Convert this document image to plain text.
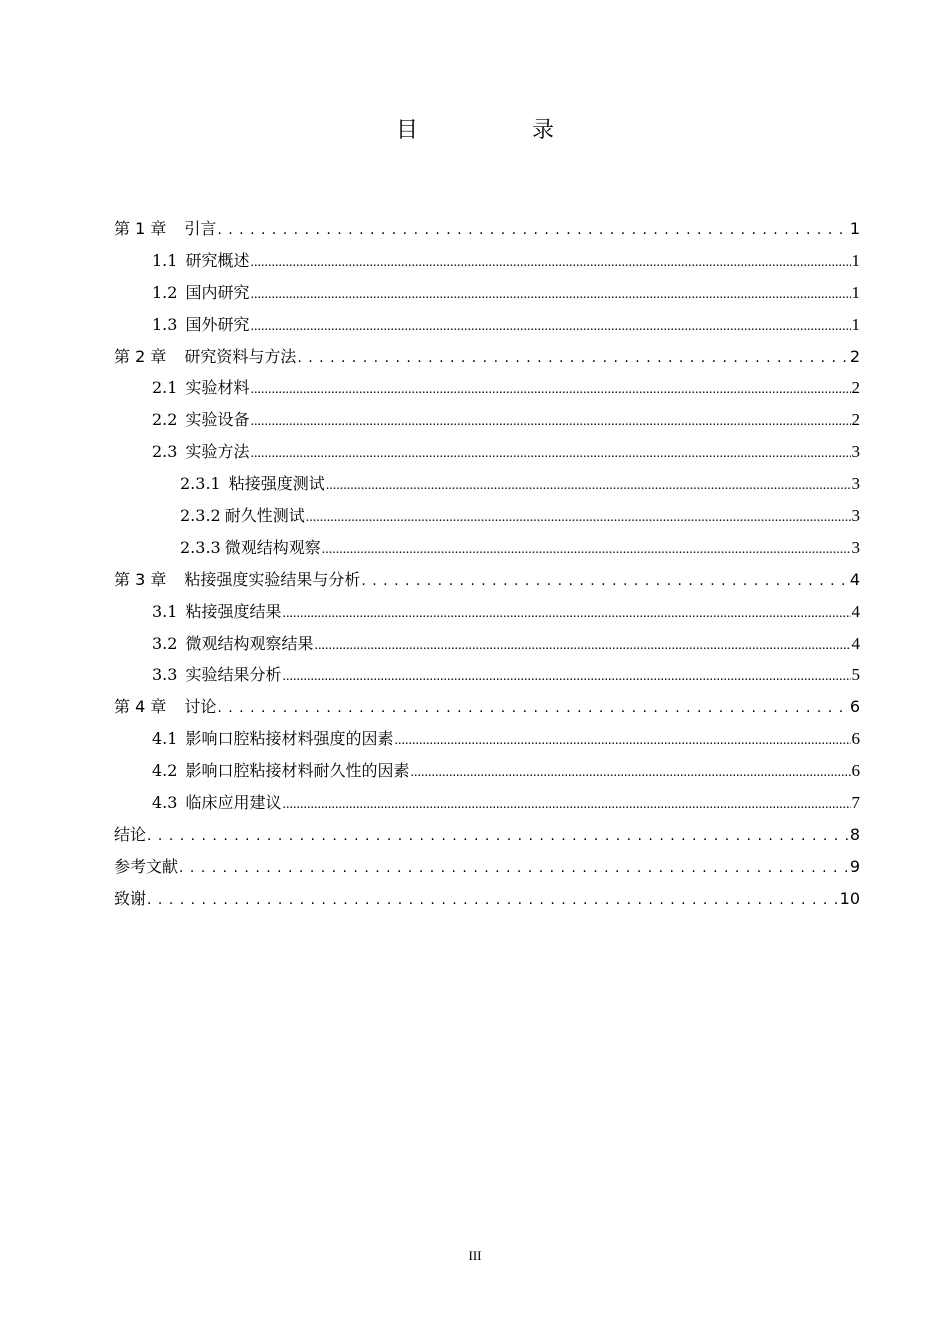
目　录
第 1 章 引言 . . .	1
1.1 研究概述 .....	1
1.2 国内研究 .....	1
1.3 国外研究 .....	1
第 2 章 研究资料与方法 . . .	2
2.1 实验材料 .....	2
2.2 实验设备 .....	2
2.3 实验方法 .....	3
2.3.1 粘接强度测试 .....	3
2.3.2 耐久性测试 .....	3
2.3.3 微观结构观察 .....	3
第 3 章 粘接强度实验结果与分析 . . .	4
3.1 粘接强度结果 .....	4
3.2 微观结构观察结果 .....	4
3.3 实验结果分析 .....	5
第 4 章 讨论 . . .	6
4.1 影响口腔粘接材料强度的因素 .....	6
4.2 影响口腔粘接材料耐久性的因素 .....	6
4.3 临床应用建议 .....	7
结论 . . .	8
参考文献 . . .	9
致谢 . . .	10
III
